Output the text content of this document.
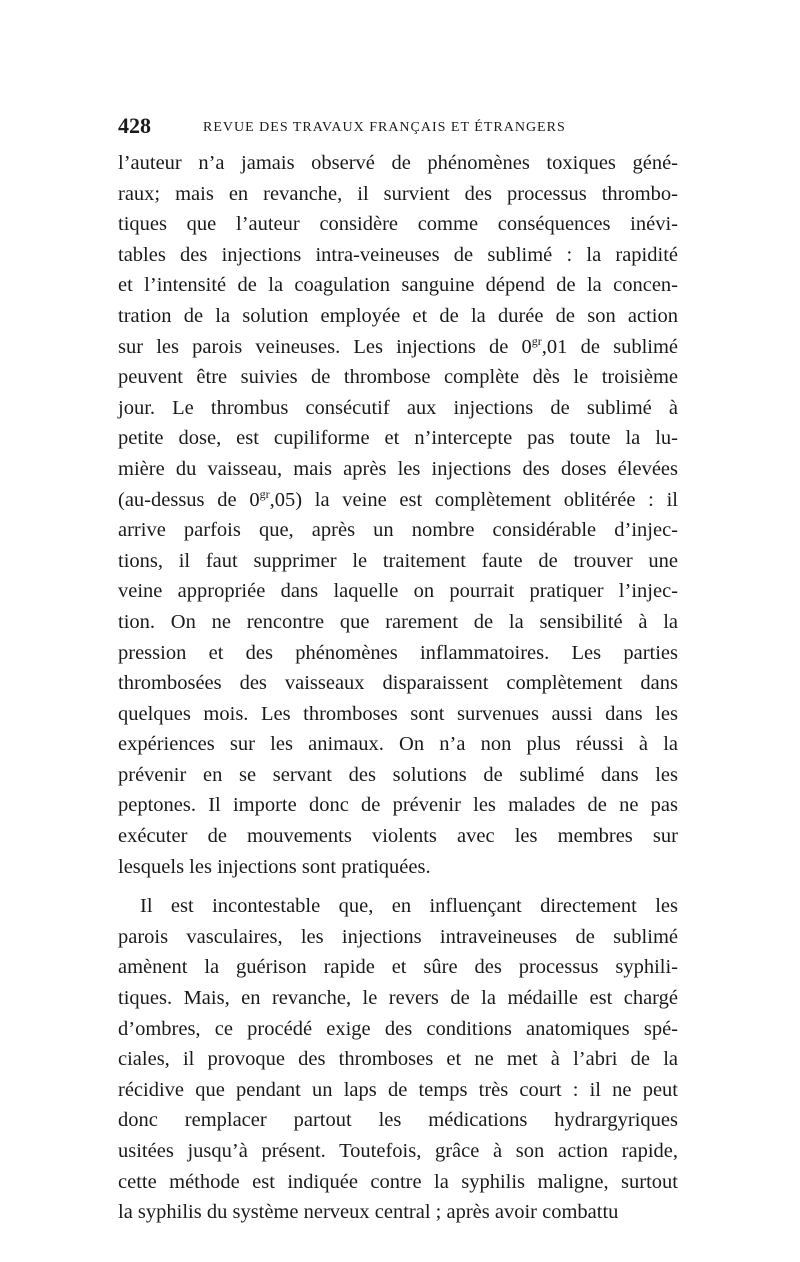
428	REVUE DES TRAVAUX FRANÇAIS ET ÉTRANGERS
l’auteur n’a jamais observé de phénomènes toxiques géné-
raux; mais en revanche, il survient des processus thrombo-
tiques que l’auteur considère comme conséquences inévi-
tables des injections intra-veineuses de sublimé : la rapidité
et l’intensité de la coagulation sanguine dépend de la concen-
tration de la solution employée et de la durée de son action
sur les parois veineuses. Les injections de $0^{gr},01$ de sublimé
peuvent être suivies de thrombose complète dès le troisième
jour. Le thrombus consécutif aux injections de sublimé à
petite dose, est cupiliforme et n’intercepte pas toute la lu-
mière du vaisseau, mais après les injections des doses élevées
(au-dessus de $0^{gr},05$) la veine est complètement oblitérée : il
arrive parfois que, après un nombre considérable d’injec-
tions, il faut supprimer le traitement faute de trouver une
veine appropriée dans laquelle on pourrait pratiquer l’injec-
tion. On ne rencontre que rarement de la sensibilité à la
pression et des phénomènes inflammatoires. Les parties
thrombosées des vaisseaux disparaissent complètement dans
quelques mois. Les thromboses sont survenues aussi dans les
expériences sur les animaux. On n’a non plus réussi à la
prévenir en se servant des solutions de sublimé dans les
peptones. Il importe donc de prévenir les malades de ne pas
exécuter de mouvements violents avec les membres sur
lesquels les injections sont pratiquées.
Il est incontestable que, en influençant directement les
parois vasculaires, les injections intraveineuses de sublimé
amènent la guérison rapide et sûre des processus syphili-
tiques. Mais, en revanche, le revers de la médaille est chargé
d’ombres, ce procédé exige des conditions anatomiques spé-
ciales, il provoque des thromboses et ne met à l’abri de la
récidive que pendant un laps de temps très court : il ne peut
donc remplacer partout les médications hydrargyriques
usitées jusqu’à présent. Toutefois, grâce à son action rapide,
cette méthode est indiquée contre la syphilis maligne, surtout
la syphilis du système nerveux central ; après avoir combattu
